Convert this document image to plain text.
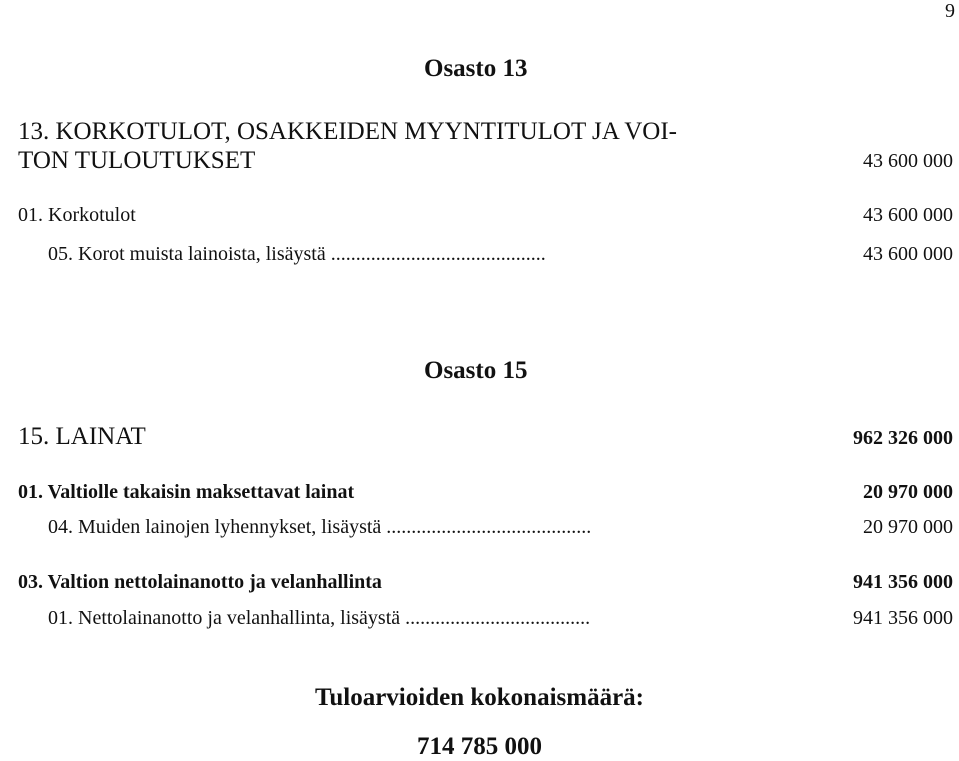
9
Osasto 13
13. KORKOTULOT, OSAKKEIDEN MYYNTITULOT JA VOI-
TON TULOUTUKSET	43 600 000
01. Korkotulot	43 600 000
05. Korot muista lainoista, lisäystä ...........................................	43 600 000
Osasto 15
15. LAINAT	962 326 000
01. Valtiolle takaisin maksettavat lainat	20 970 000
04. Muiden lainojen lyhennykset, lisäystä .........................................	20 970 000
03. Valtion nettolainanotto ja velanhallinta	941 356 000
01. Nettolainanotto ja velanhallinta, lisäystä .....................................	941 356 000
Tuloarvioiden kokonaismäärä:
714 785 000
